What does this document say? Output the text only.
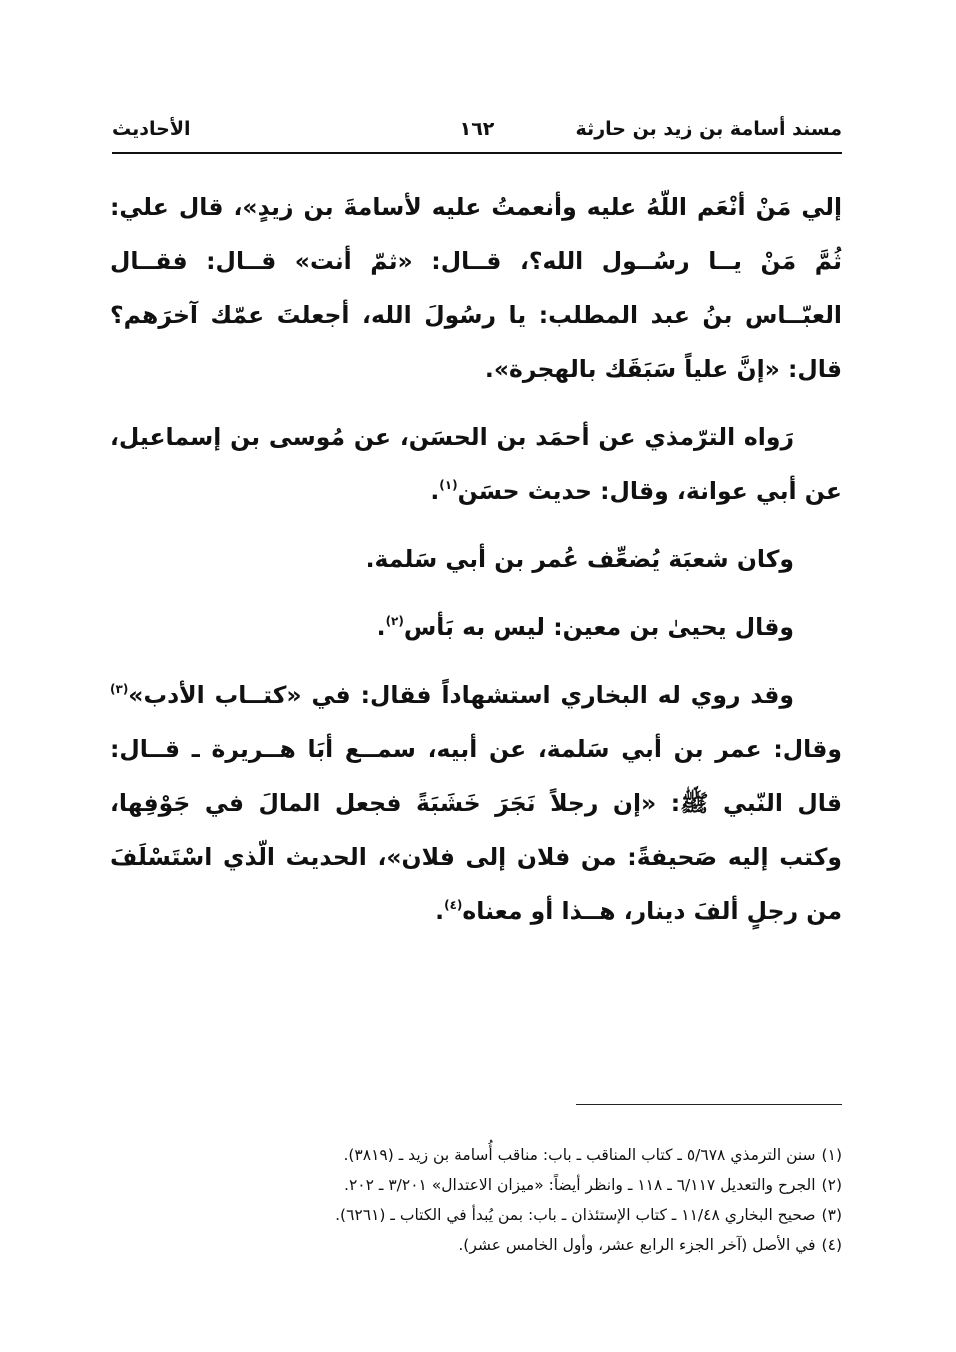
مسند أسامة بن زيد بن حارثة
١٦٢
الأحاديث

إلي مَنْ أنْعَم اللّهُ عليه وأنعمتُ عليه لأسامةَ بن زيدٍ»، قال علي: ثُمَّ مَنْ يــا رسُــول الله؟، قــال: «ثمّ أنت» قــال: فقــال العبّــاس بنُ عبد المطلب: يا رسُولَ الله، أجعلتَ عمّك آخرَهم؟ قال: «إنَّ علياً سَبَقَك بالهجرة».

رَواه الترّمذي عن أحمَد بن الحسَن، عن مُوسى بن إسماعيل، عن أبي عوانة، وقال: حديث حسَن$^{(١)}$.

وكان شعبَة يُضعِّف عُمر بن أبي سَلمة.

وقال يحيىٰ بن معين: ليس به بَأس$^{(٢)}$.

وقد روي له البخاري استشهاداً فقال: في «كتــاب الأدب»$^{(٣)}$ وقال: عمر بن أبي سَلمة، عن أبيه، سمــع أبَا هــريرة ـ قــال: قال النّبي ﷺ: «إن رجلاً نَجَرَ خَشَبَةً فجعل المالَ في جَوْفِها، وكتب إليه صَحيفةً: من فلان إلى فلان»، الحديث الّذي اسْتَسْلَفَ من رجلٍ ألفَ دينار، هــذا أو معناه$^{(٤)}$.

(١)سنن الترمذي ٥/٦٧٨ ـ كتاب المناقب ـ باب: مناقب أُسامة بن زيد ـ (٣٨١٩).
(٢)الجرح والتعديل ٦/١١٧ ـ ١١٨ ـ وانظر أيضاً: «ميزان الاعتدال» ٣/٢٠١ ـ ٢٠٢.
(٣)صحيح البخاري ١١/٤٨ ـ كتاب الإستئذان ـ باب: بمن يُبدأ في الكتاب ـ (٦٢٦١).
(٤)في الأصل (آخر الجزء الرابع عشر، وأول الخامس عشر).
